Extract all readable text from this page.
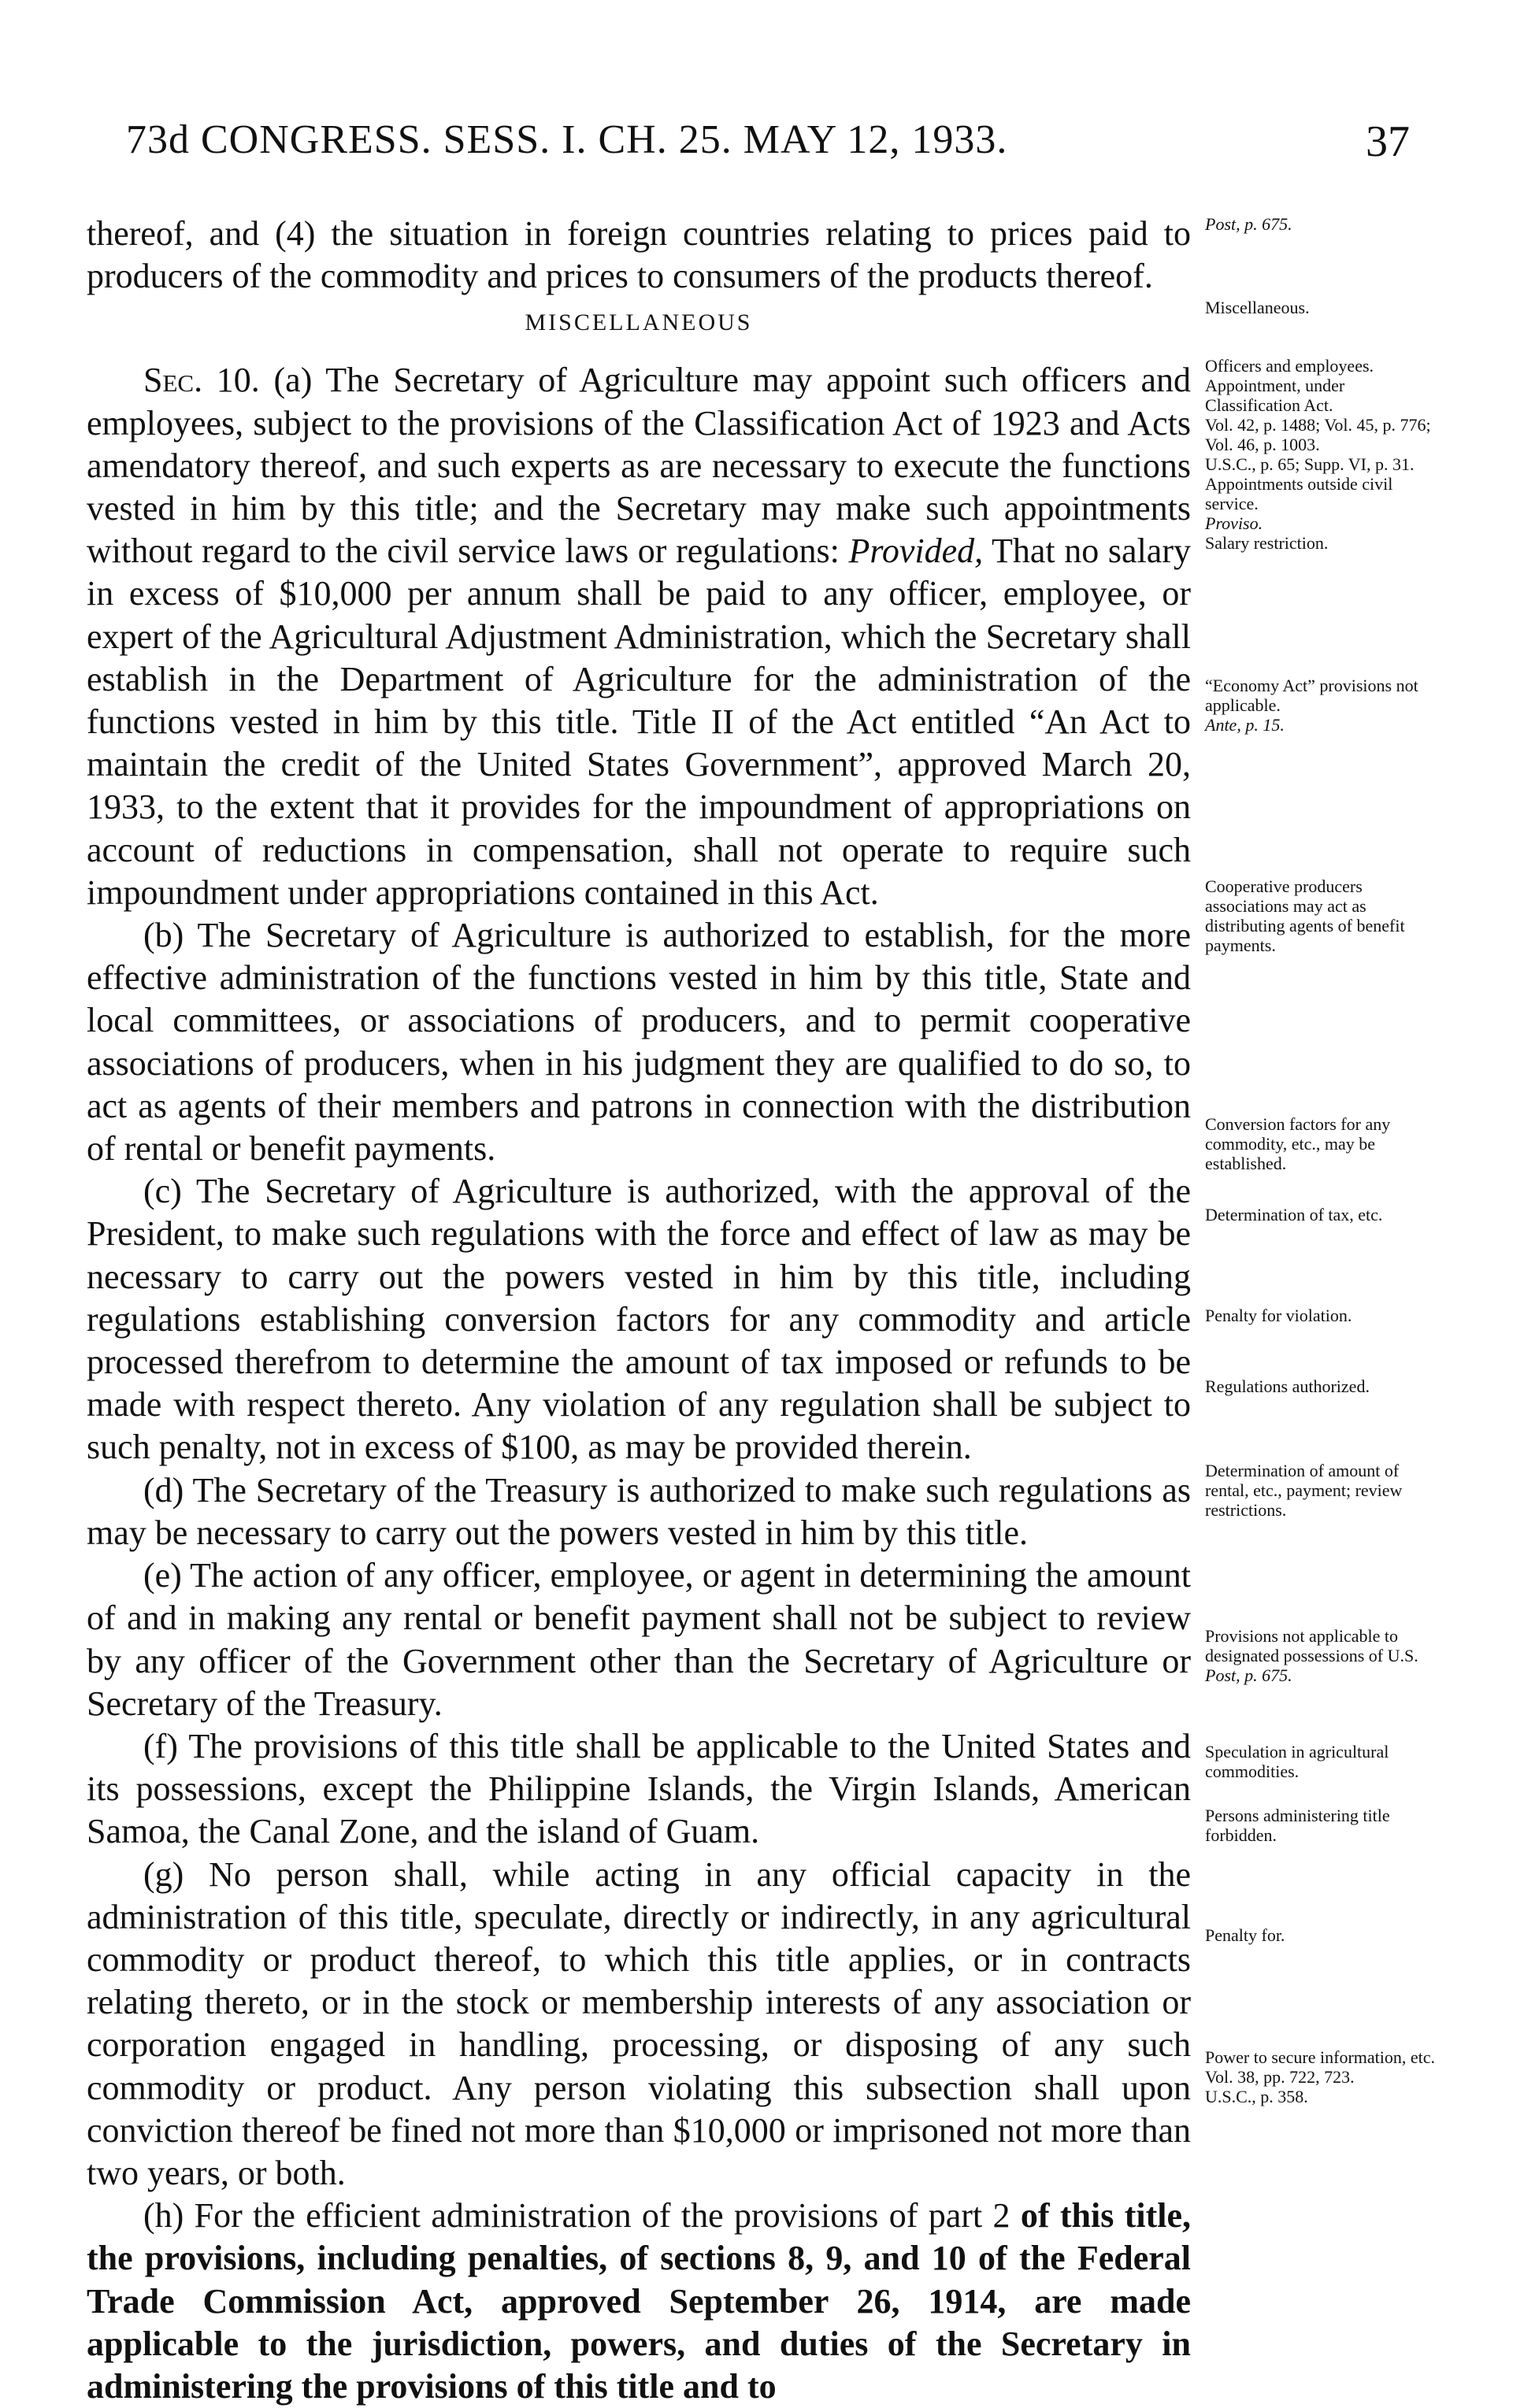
73d CONGRESS. SESS. I. CH. 25. MAY 12, 1933.	37

thereof, and (4) the situation in foreign countries relating to prices paid to producers of the commodity and prices to consumers of the products thereof.

MISCELLANEOUS

Sec. 10. (a) The Secretary of Agriculture may appoint such officers and employees, subject to the provisions of the Classification Act of 1923 and Acts amendatory thereof, and such experts as are necessary to execute the functions vested in him by this title; and the Secretary may make such appointments without regard to the civil service laws or regulations: Provided, That no salary in excess of $10,000 per annum shall be paid to any officer, employee, or expert of the Agricultural Adjustment Administration, which the Secretary shall establish in the Department of Agriculture for the administration of the functions vested in him by this title. Title II of the Act entitled “An Act to maintain the credit of the United States Government”, approved March 20, 1933, to the extent that it provides for the impoundment of appropriations on account of reductions in compensation, shall not operate to require such impoundment under appropriations contained in this Act.

(b) The Secretary of Agriculture is authorized to establish, for the more effective administration of the functions vested in him by this title, State and local committees, or associations of producers, and to permit cooperative associations of producers, when in his judgment they are qualified to do so, to act as agents of their members and patrons in connection with the distribution of rental or benefit payments.

(c) The Secretary of Agriculture is authorized, with the approval of the President, to make such regulations with the force and effect of law as may be necessary to carry out the powers vested in him by this title, including regulations establishing conversion factors for any commodity and article processed therefrom to determine the amount of tax imposed or refunds to be made with respect thereto. Any violation of any regulation shall be subject to such penalty, not in excess of $100, as may be provided therein.

(d) The Secretary of the Treasury is authorized to make such regulations as may be necessary to carry out the powers vested in him by this title.

(e) The action of any officer, employee, or agent in determining the amount of and in making any rental or benefit payment shall not be subject to review by any officer of the Government other than the Secretary of Agriculture or Secretary of the Treasury.

(f) The provisions of this title shall be applicable to the United States and its possessions, except the Philippine Islands, the Virgin Islands, American Samoa, the Canal Zone, and the island of Guam.

(g) No person shall, while acting in any official capacity in the administration of this title, speculate, directly or indirectly, in any agricultural commodity or product thereof, to which this title applies, or in contracts relating thereto, or in the stock or membership interests of any association or corporation engaged in handling, processing, or disposing of any such commodity or product. Any person violating this subsection shall upon conviction thereof be fined not more than $10,000 or imprisoned not more than two years, or both.

(h) For the efficient administration of the provisions of part 2 of this title, the provisions, including penalties, of sections 8, 9, and 10 of the Federal Trade Commission Act, approved September 26, 1914, are made applicable to the jurisdiction, powers, and duties of the Secretary in administering the provisions of this title and to

Post, p. 675.
Miscellaneous.
Officers and employees.
Appointment, under Classification Act.
Vol. 42, p. 1488; Vol. 45, p. 776; Vol. 46, p. 1003.
U.S.C., p. 65; Supp. VI, p. 31.
Appointments outside civil service.
Proviso.
Salary restriction.
“Economy Act” provisions not applicable.
Ante, p. 15.
Cooperative producers associations may act as distributing agents of benefit payments.
Conversion factors for any commodity, etc., may be established.
Determination of tax, etc.
Penalty for violation.
Regulations authorized.
Determination of amount of rental, etc., payment; review restrictions.
Provisions not applicable to designated possessions of U.S.
Post, p. 675.
Speculation in agricultural commodities.
Persons administering title forbidden.
Penalty for.
Power to secure information, etc.
Vol. 38, pp. 722, 723.
U.S.C., p. 358.
